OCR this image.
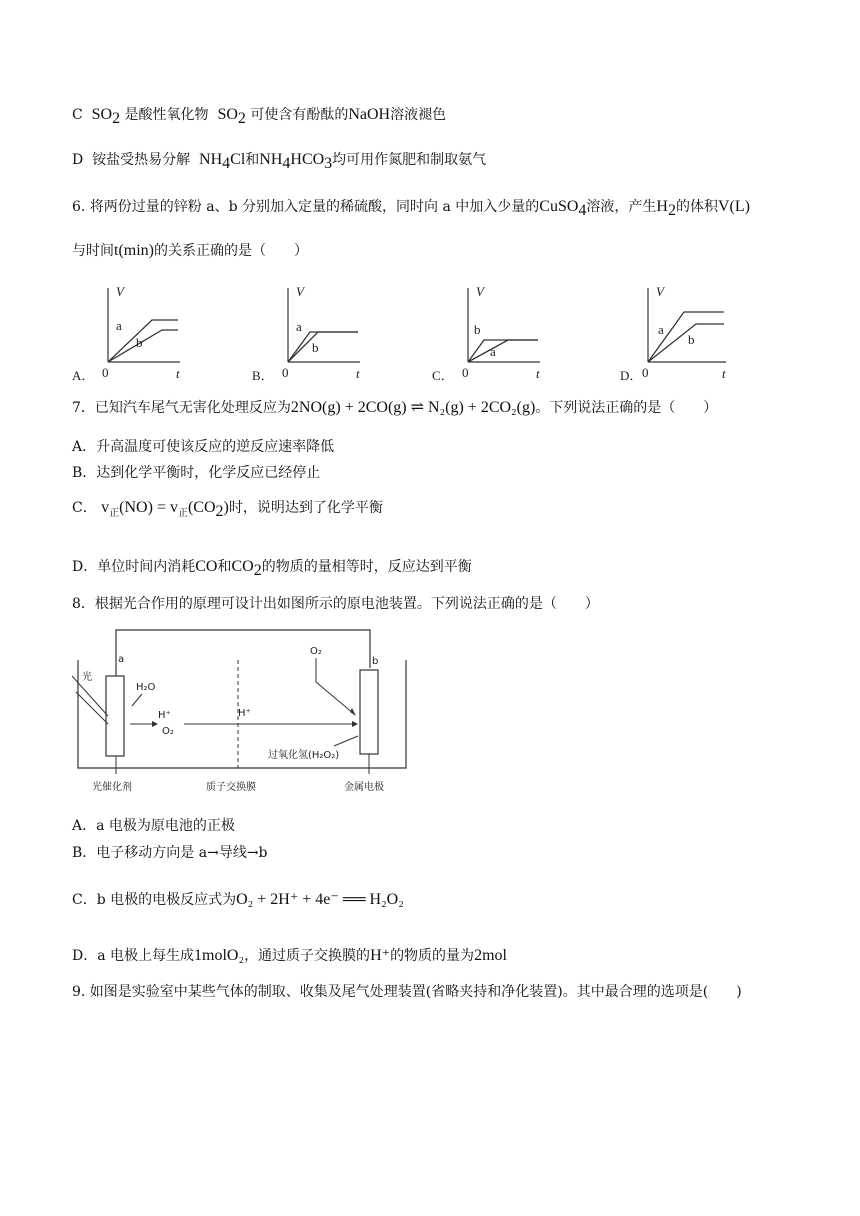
C $SO_2$ 是酸性氧化物 $SO_2$ 可使含有酚酞的NaOH溶液褪色
D 铵盐受热易分解 $NH_4Cl$和$NH_4HCO_3$均可用作氮肥和制取氨气
6. 将两份过量的锌粉 a、b 分别加入定量的稀硫酸，同时向 a 中加入少量的CuSO$_4$溶液，产生$H_2$的体积V(L)
与时间t(min)的关系正确的是（　　）
V
t
0
a
b
A．
V
t
0
a
b
B．
V
t
0
b
a
C．
V
t
0
a
b
D．
7．已知汽车尾气无害化处理反应为2NO(g) + 2CO(g) ⇌ N₂(g) + 2CO₂(g)。下列说法正确的是（　　）
A．升高温度可使该反应的逆反应速率降低
B．达到化学平衡时，化学反应已经停止
C． $v_正(NO) = v_正(CO_2)$时，说明达到了化学平衡
D．单位时间内消耗CO和$CO_2$的物质的量相等时，反应达到平衡
8．根据光合作用的原理可设计出如图所示的原电池装置。下列说法正确的是（　　）
a	b
光
H₂O
H⁺
O₂
H⁺
O₂
过氧化氢(H₂O₂)
光催化剂	质子交换膜	金属电极
A．a 电极为原电池的正极
B．电子移动方向是 a→导线→b
C．b 电极的电极反应式为O₂ + 2H⁺ + 4e⁻ ══ H₂O₂
D．a 电极上每生成1molO₂，通过质子交换膜的H⁺的物质的量为2mol
9. 如图是实验室中某些气体的制取、收集及尾气处理装置(省略夹持和净化装置)。其中最合理的选项是(　　)
